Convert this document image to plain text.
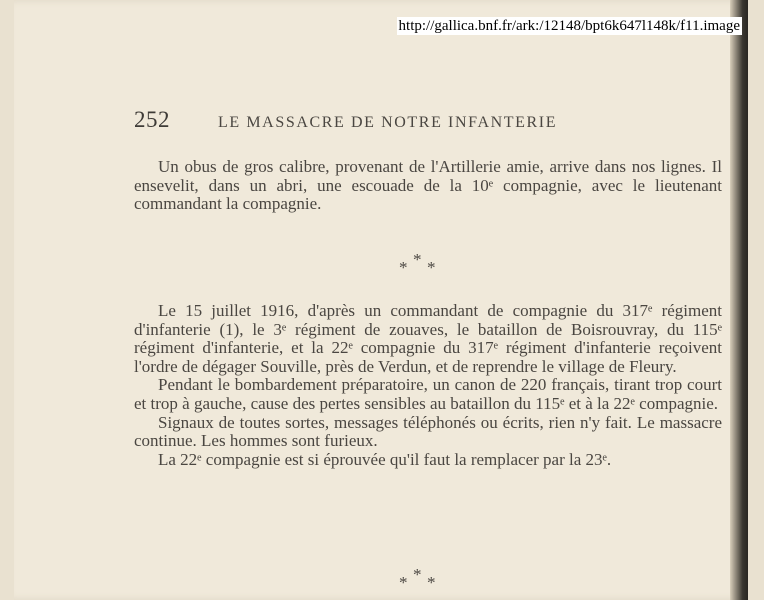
http://gallica.bnf.fr/ark:/12148/bpt6k647l148k/f11.image
252	LE MASSACRE DE NOTRE INFANTERIE

Un obus de gros calibre, provenant de l'Artillerie amie, arrive dans nos lignes. Il ensevelit, dans un abri, une escouade de la 10ᵉ compagnie, avec le lieutenant commandant la compagnie.

* * *

Le 15 juillet 1916, d'après un commandant de compagnie du 317ᵉ régiment d'infanterie (1), le 3ᵉ régiment de zouaves, le bataillon de Boisrouvray, du 115ᵉ régiment d'infanterie, et la 22ᵉ compagnie du 317ᵉ régiment d'infanterie reçoivent l'ordre de dégager Souville, près de Verdun, et de reprendre le village de Fleury.

Pendant le bombardement préparatoire, un canon de 220 français, tirant trop court et trop à gauche, cause des pertes sensibles au bataillon du 115ᵉ et à la 22ᵉ compagnie.

Signaux de toutes sortes, messages téléphonés ou écrits, rien n'y fait. Le massacre continue. Les hommes sont furieux.

La 22ᵉ compagnie est si éprouvée qu'il faut la remplacer par la 23ᵉ.

* * *
